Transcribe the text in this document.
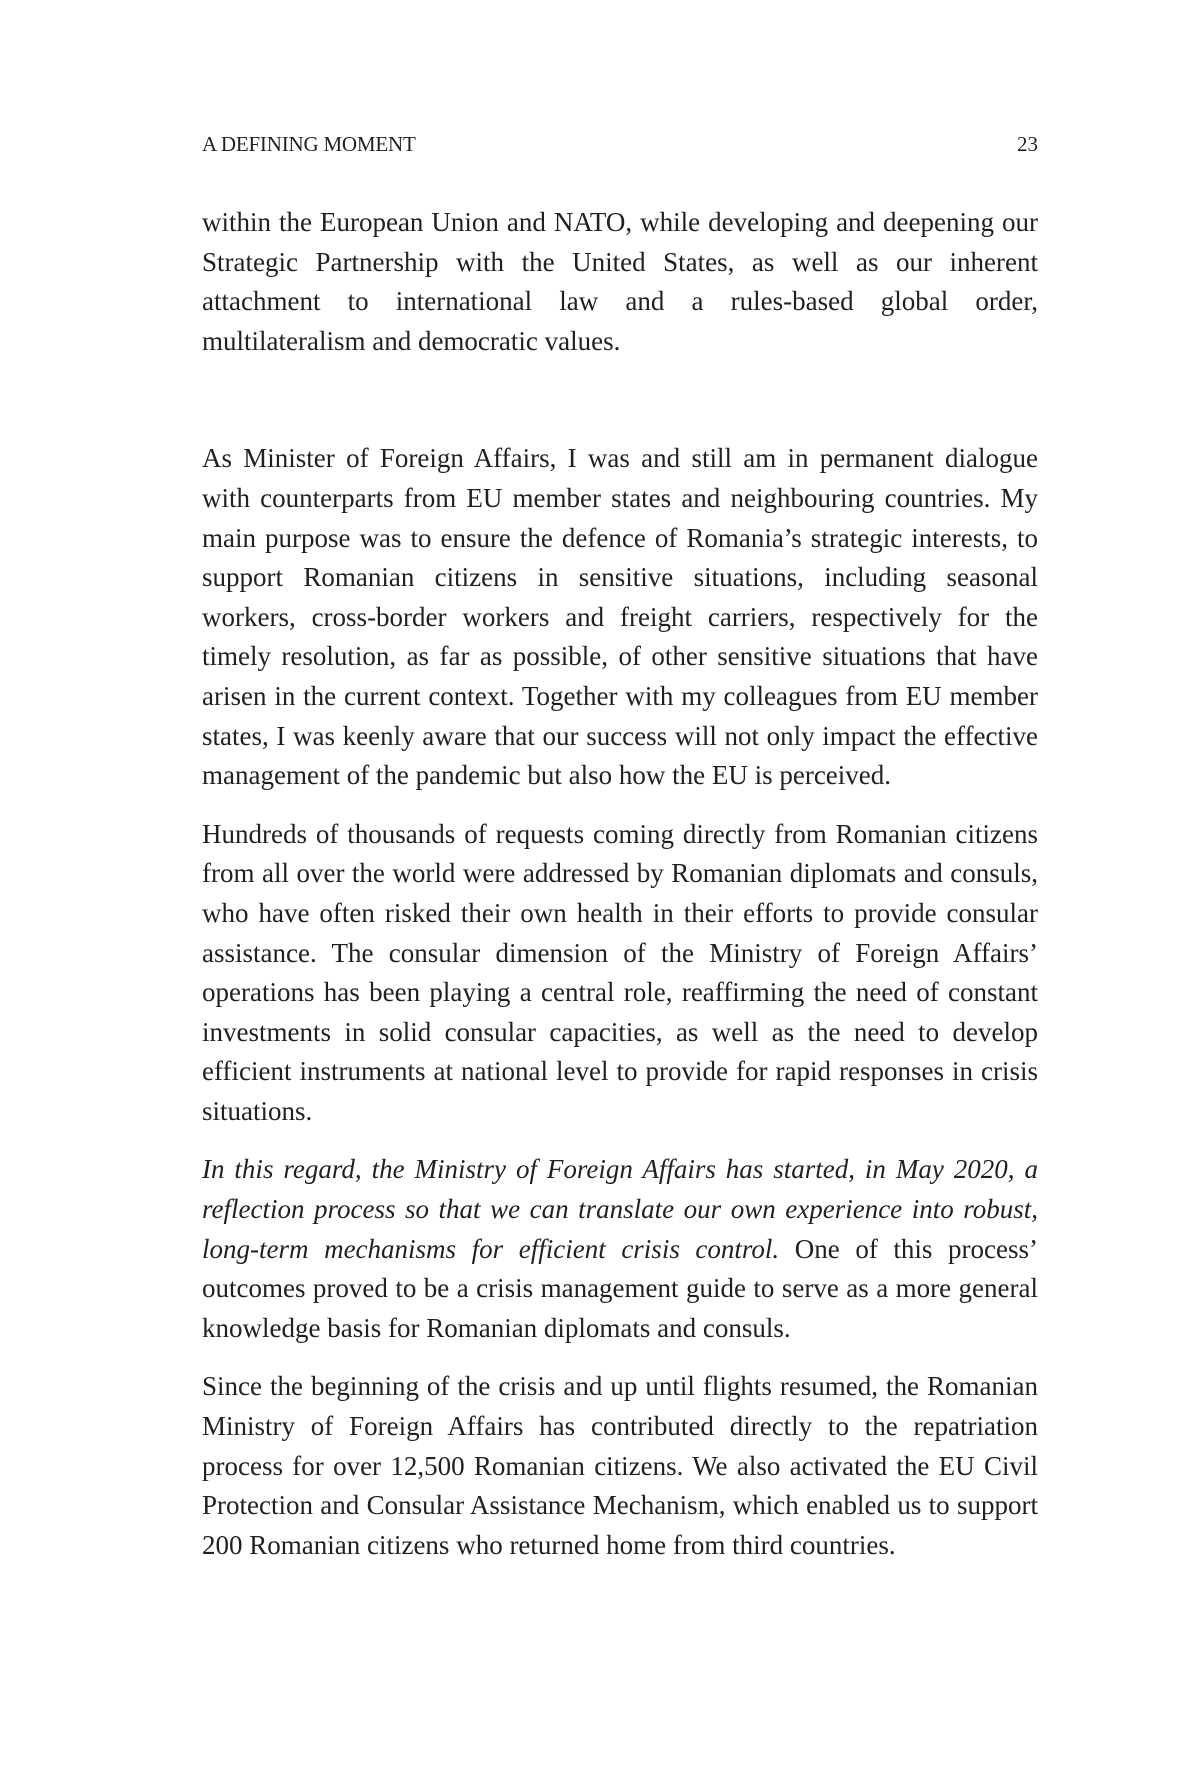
A DEFINING MOMENT	23

within the European Union and NATO, while developing and deepening our Strategic Partnership with the United States, as well as our inherent attachment to international law and a rules-based global order, multilateralism and democratic values.

As Minister of Foreign Affairs, I was and still am in permanent dialogue with counterparts from EU member states and neighbouring countries. My main purpose was to ensure the defence of Romania’s strategic interests, to support Romanian citizens in sensitive situations, including seasonal workers, cross-border workers and freight carriers, respectively for the timely resolution, as far as possible, of other sensitive situations that have arisen in the current context. Together with my colleagues from EU member states, I was keenly aware that our success will not only impact the effective management of the pandemic but also how the EU is perceived.

Hundreds of thousands of requests coming directly from Romanian citizens from all over the world were addressed by Romanian diplomats and consuls, who have often risked their own health in their efforts to provide consular assistance. The consular dimension of the Ministry of Foreign Affairs’ operations has been playing a central role, reaffirming the need of constant investments in solid consular capacities, as well as the need to develop efficient instruments at national level to provide for rapid responses in crisis situations.

In this regard, the Ministry of Foreign Affairs has started, in May 2020, a reflection process so that we can translate our own experience into robust, long-term mechanisms for efficient crisis control. One of this process’ outcomes proved to be a crisis management guide to serve as a more general knowledge basis for Romanian diplomats and consuls.

Since the beginning of the crisis and up until flights resumed, the Romanian Ministry of Foreign Affairs has contributed directly to the repatriation process for over 12,500 Romanian citizens. We also activated the EU Civil Protection and Consular Assistance Mechanism, which enabled us to support 200 Romanian citizens who returned home from third countries.
